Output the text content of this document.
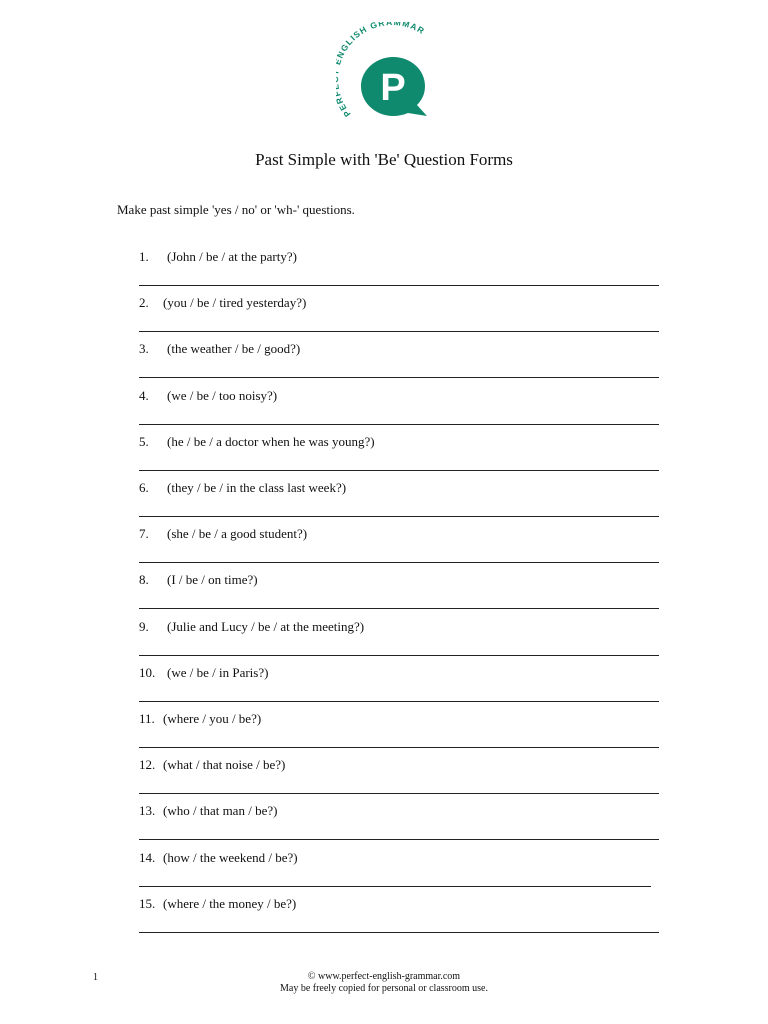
PE GLISH GRAMMAR
P
Past Simple with 'Be' Question Forms
Make past simple 'yes / no' or 'wh-' questions.
1. (John / be / at the party?)
2. (you / be / tired yesterday?)
3. (the weather / be / good?)
4. (we / be / too noisy?)
5. (he / be / a doctor when he was young?)
6. (they / be / in the class last week?)
7. (she / be / a good student?)
8. (I / be / on time?)
9. (Julie and Lucy / be / at the meeting?)
10. (we / be / in Paris?)
11. (where / you / be?)
12. (what / that noise / be?)
13. (who / that man / be?)
14. (how / the weekend / be?)
15. (where / the money / be?)
1	© www.perfect-english-grammar.com
May be freely copied for personal or classroom use.
